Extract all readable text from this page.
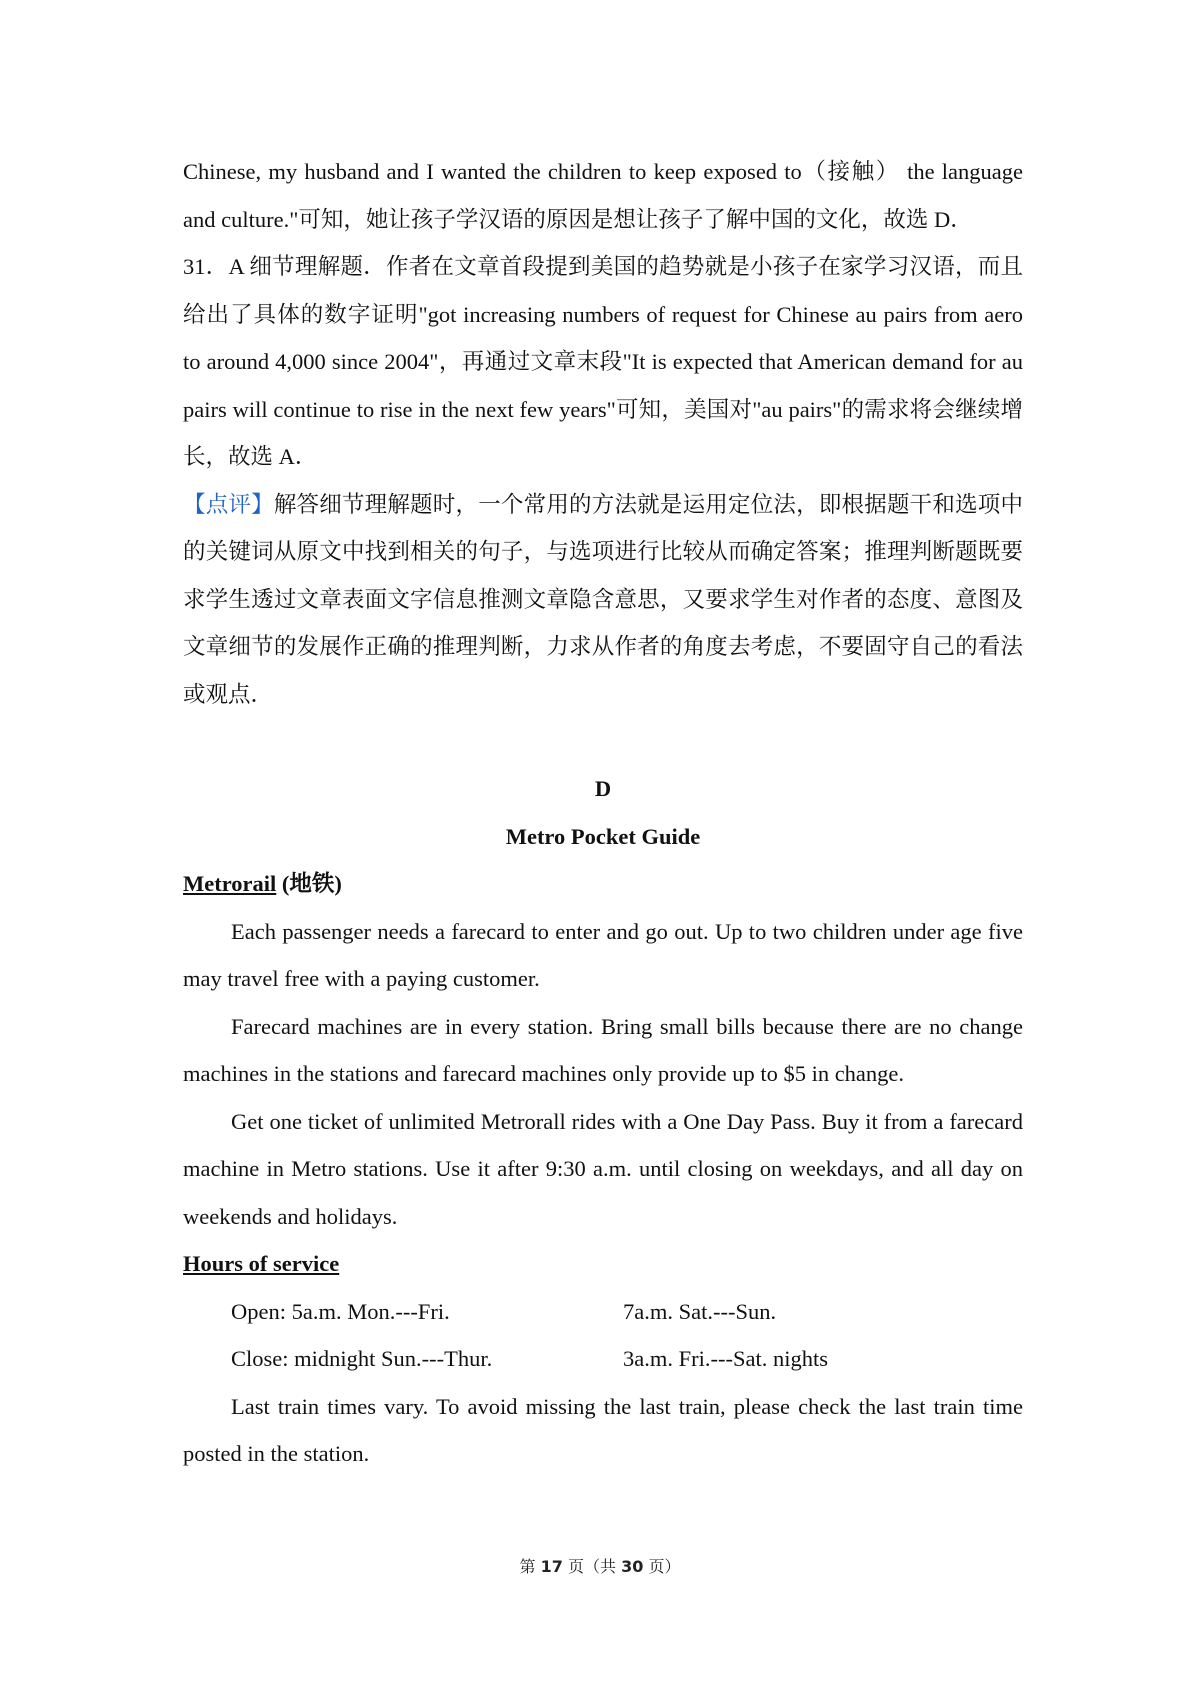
Chinese, my husband and I wanted the children to keep exposed to（接触） the language and culture."可知，她让孩子学汉语的原因是想让孩子了解中国的文化，故选 D．

31．A 细节理解题．作者在文章首段提到美国的趋势就是小孩子在家学习汉语，而且给出了具体的数字证明"got increasing numbers of request for Chinese au pairs from aero to around 4,000 since 2004"，再通过文章末段"It is expected that American demand for au pairs will continue to rise in the next few years"可知，美国对"au pairs"的需求将会继续增长，故选 A．

【点评】解答细节理解题时，一个常用的方法就是运用定位法，即根据题干和选项中的关键词从原文中找到相关的句子，与选项进行比较从而确定答案；推理判断题既要求学生透过文章表面文字信息推测文章隐含意思，又要求学生对作者的态度、意图及文章细节的发展作正确的推理判断，力求从作者的角度去考虑，不要固守自己的看法或观点．

D

Metro Pocket Guide

Metrorail (地铁)

Each passenger needs a farecard to enter and go out. Up to two children under age five may travel free with a paying customer.

Farecard machines are in every station. Bring small bills because there are no change machines in the stations and farecard machines only provide up to $5 in change.

Get one ticket of unlimited Metrorall rides with a One Day Pass. Buy it from a farecard machine in Metro stations. Use it after 9:30 a.m. until closing on weekdays, and all day on weekends and holidays.

Hours of service

Open: 5a.m. Mon.---Fri.	7a.m. Sat.---Sun.
Close: midnight Sun.---Thur.	3a.m. Fri.---Sat. nights

Last train times vary. To avoid missing the last train, please check the last train time posted in the station.

第 17 页（共 30 页）
